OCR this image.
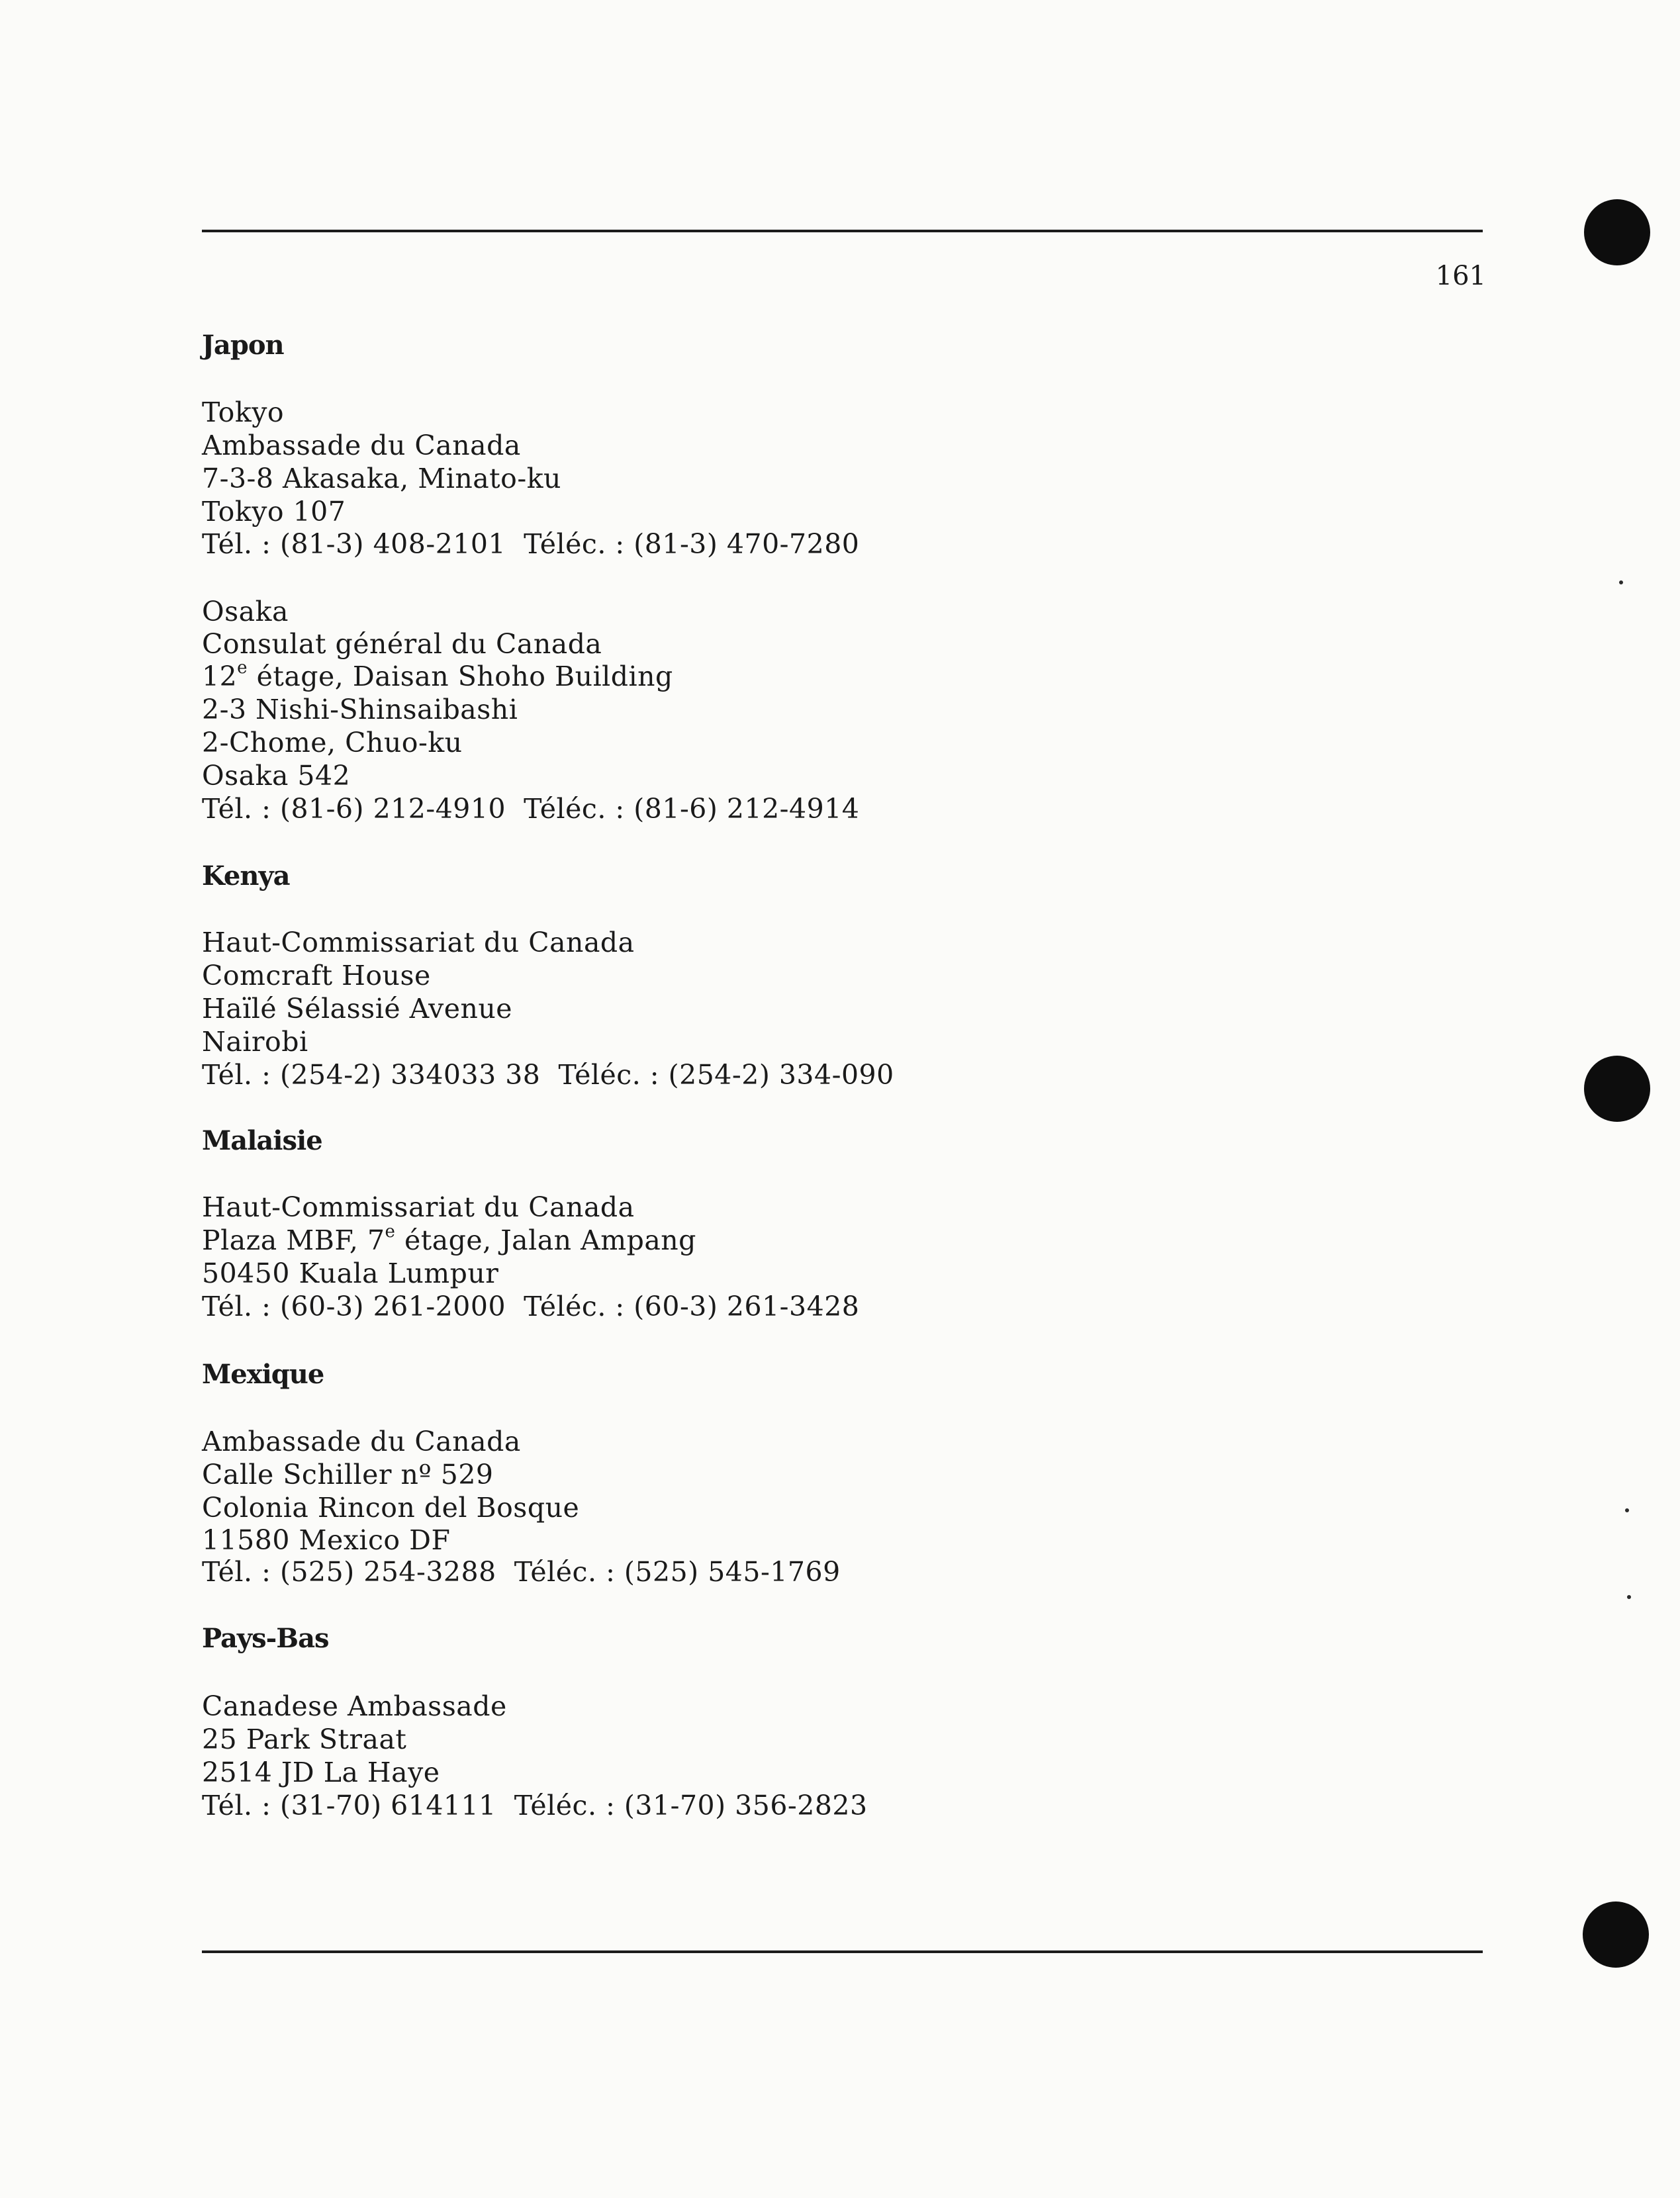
161
Japon
Tokyo
Ambassade du Canada
7-3-8 Akasaka, Minato-ku
Tokyo 107
Tél. : (81-3) 408-2101  Téléc. : (81-3) 470-7280
Osaka
Consulat général du Canada
12e étage, Daisan Shoho Building
2-3 Nishi-Shinsaibashi
2-Chome, Chuo-ku
Osaka 542
Tél. : (81-6) 212-4910  Téléc. : (81-6) 212-4914
Kenya
Haut-Commissariat du Canada
Comcraft House
Haïlé Sélassié Avenue
Nairobi
Tél. : (254-2) 334033 38  Téléc. : (254-2) 334-090
Malaisie
Haut-Commissariat du Canada
Plaza MBF, 7e étage, Jalan Ampang
50450 Kuala Lumpur
Tél. : (60-3) 261-2000  Téléc. : (60-3) 261-3428
Mexique
Ambassade du Canada
Calle Schiller nº 529
Colonia Rincon del Bosque
11580 Mexico DF
Tél. : (525) 254-3288  Téléc. : (525) 545-1769
Pays-Bas
Canadese Ambassade
25 Park Straat
2514 JD La Haye
Tél. : (31-70) 614111  Téléc. : (31-70) 356-2823
